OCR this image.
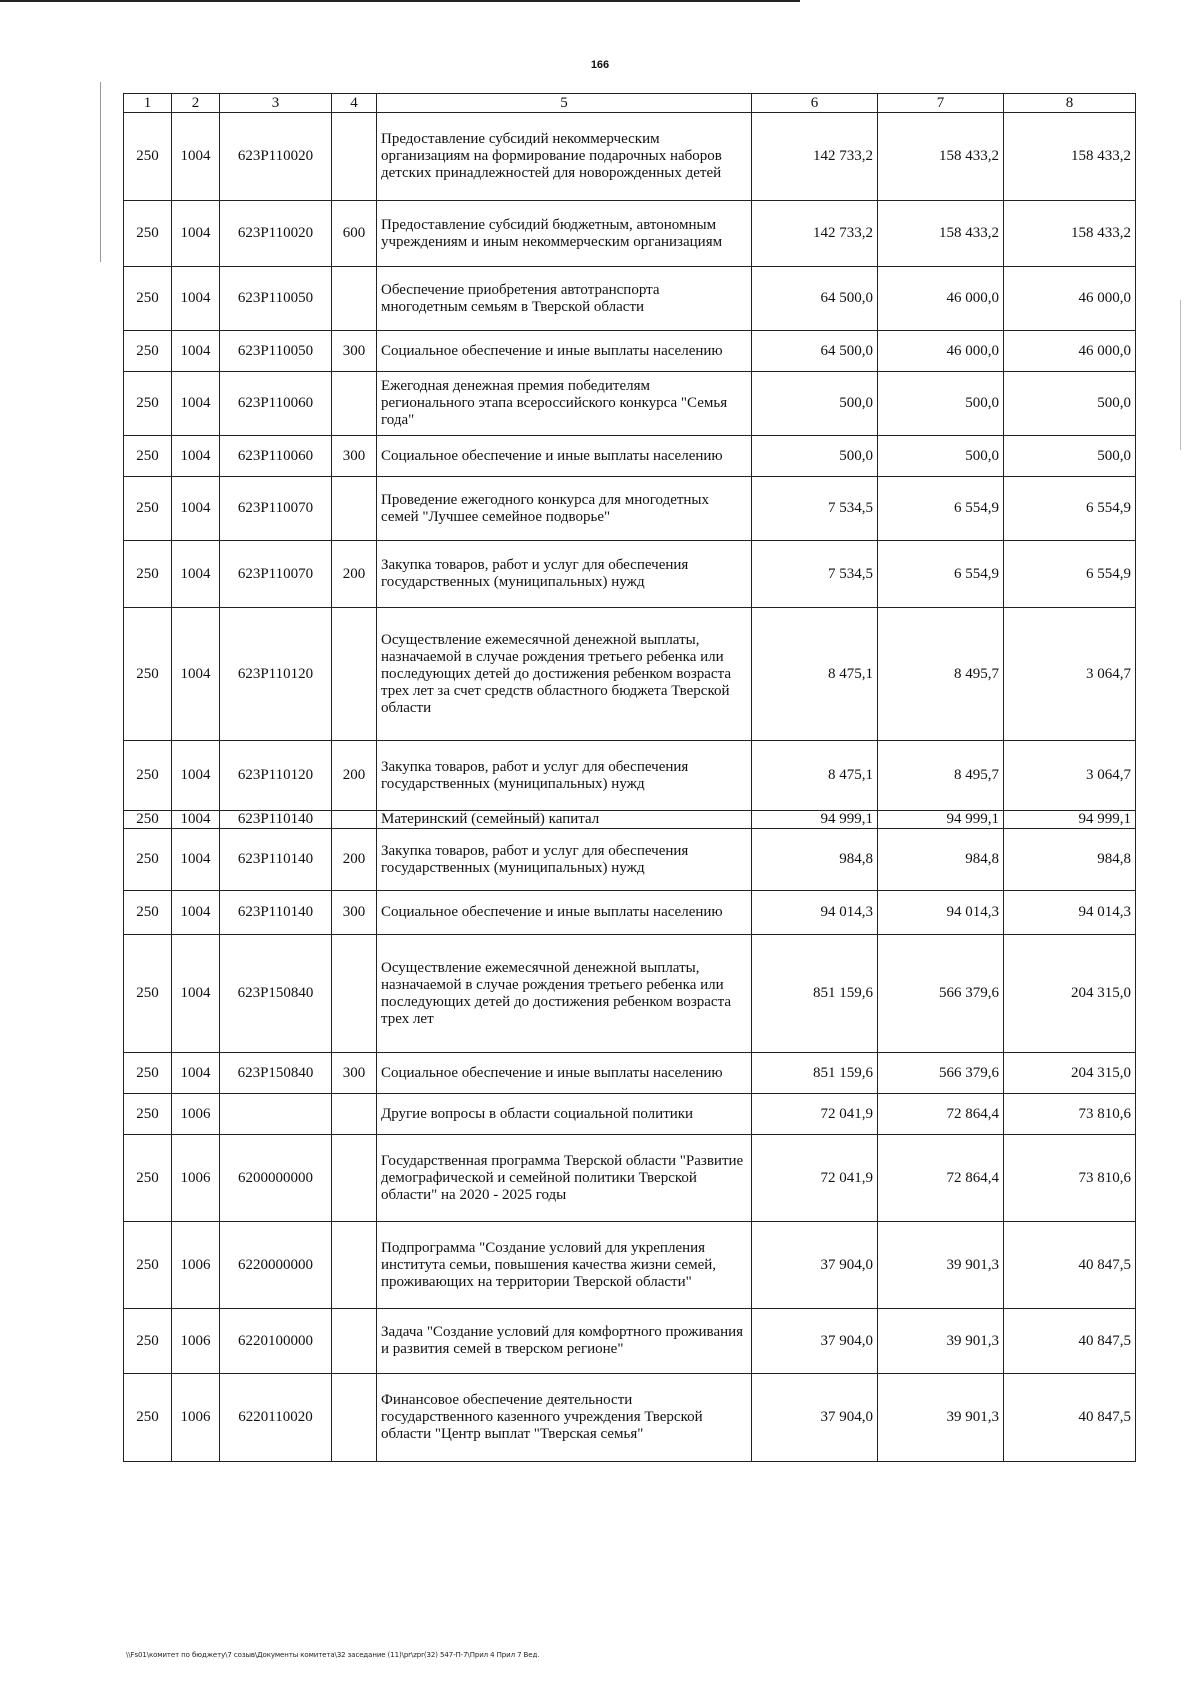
166
1	2	3	4	5	6	7	8
250	1004	623P110020		Предоставление субсидий некоммерческим организациям на формирование подарочных наборов детских принадлежностей для новорожденных детей	142 733,2	158 433,2	158 433,2
250	1004	623P110020	600	Предоставление субсидий бюджетным, автономным учреждениям и иным некоммерческим организациям	142 733,2	158 433,2	158 433,2
250	1004	623P110050		Обеспечение приобретения автотранспорта многодетным семьям в Тверской области	64 500,0	46 000,0	46 000,0
250	1004	623P110050	300	Социальное обеспечение и иные выплаты населению	64 500,0	46 000,0	46 000,0
250	1004	623P110060		Ежегодная денежная премия победителям регионального этапа всероссийского конкурса "Семья года"	500,0	500,0	500,0
250	1004	623P110060	300	Социальное обеспечение и иные выплаты населению	500,0	500,0	500,0
250	1004	623P110070		Проведение ежегодного конкурса для многодетных семей "Лучшее семейное подворье"	7 534,5	6 554,9	6 554,9
250	1004	623P110070	200	Закупка товаров, работ и услуг для обеспечения государственных (муниципальных) нужд	7 534,5	6 554,9	6 554,9
250	1004	623P110120		Осуществление ежемесячной денежной выплаты, назначаемой в случае рождения третьего ребенка или последующих детей до достижения ребенком возраста трех лет за счет средств областного бюджета Тверской области	8 475,1	8 495,7	3 064,7
250	1004	623P110120	200	Закупка товаров, работ и услуг для обеспечения государственных (муниципальных) нужд	8 475,1	8 495,7	3 064,7
250	1004	623P110140		Материнский (семейный) капитал	94 999,1	94 999,1	94 999,1
250	1004	623P110140	200	Закупка товаров, работ и услуг для обеспечения государственных (муниципальных) нужд	984,8	984,8	984,8
250	1004	623P110140	300	Социальное обеспечение и иные выплаты населению	94 014,3	94 014,3	94 014,3
250	1004	623P150840		Осуществление ежемесячной денежной выплаты, назначаемой в случае рождения третьего ребенка или последующих детей до достижения ребенком возраста трех лет	851 159,6	566 379,6	204 315,0
250	1004	623P150840	300	Социальное обеспечение и иные выплаты населению	851 159,6	566 379,6	204 315,0
250	1006			Другие вопросы в области социальной политики	72 041,9	72 864,4	73 810,6
250	1006	6200000000		Государственная программа Тверской области "Развитие демографической и семейной политики Тверской области" на 2020 - 2025 годы	72 041,9	72 864,4	73 810,6
250	1006	6220000000		Подпрограмма "Создание условий для укрепления института семьи, повышения качества жизни семей, проживающих на территории Тверской области"	37 904,0	39 901,3	40 847,5
250	1006	6220100000		Задача "Создание условий для комфортного проживания и развития семей в тверском регионе"	37 904,0	39 901,3	40 847,5
250	1006	6220110020		Финансовое обеспечение деятельности государственного казенного учреждения Тверской области "Центр выплат "Тверская семья"	37 904,0	39 901,3	40 847,5
\\Fs01\комитет по бюджету\7 созыв\Документы комитета\32 заседание (11)\pr\zpr(32) 547-П-7\Прил 4 Прил 7 Вед.
